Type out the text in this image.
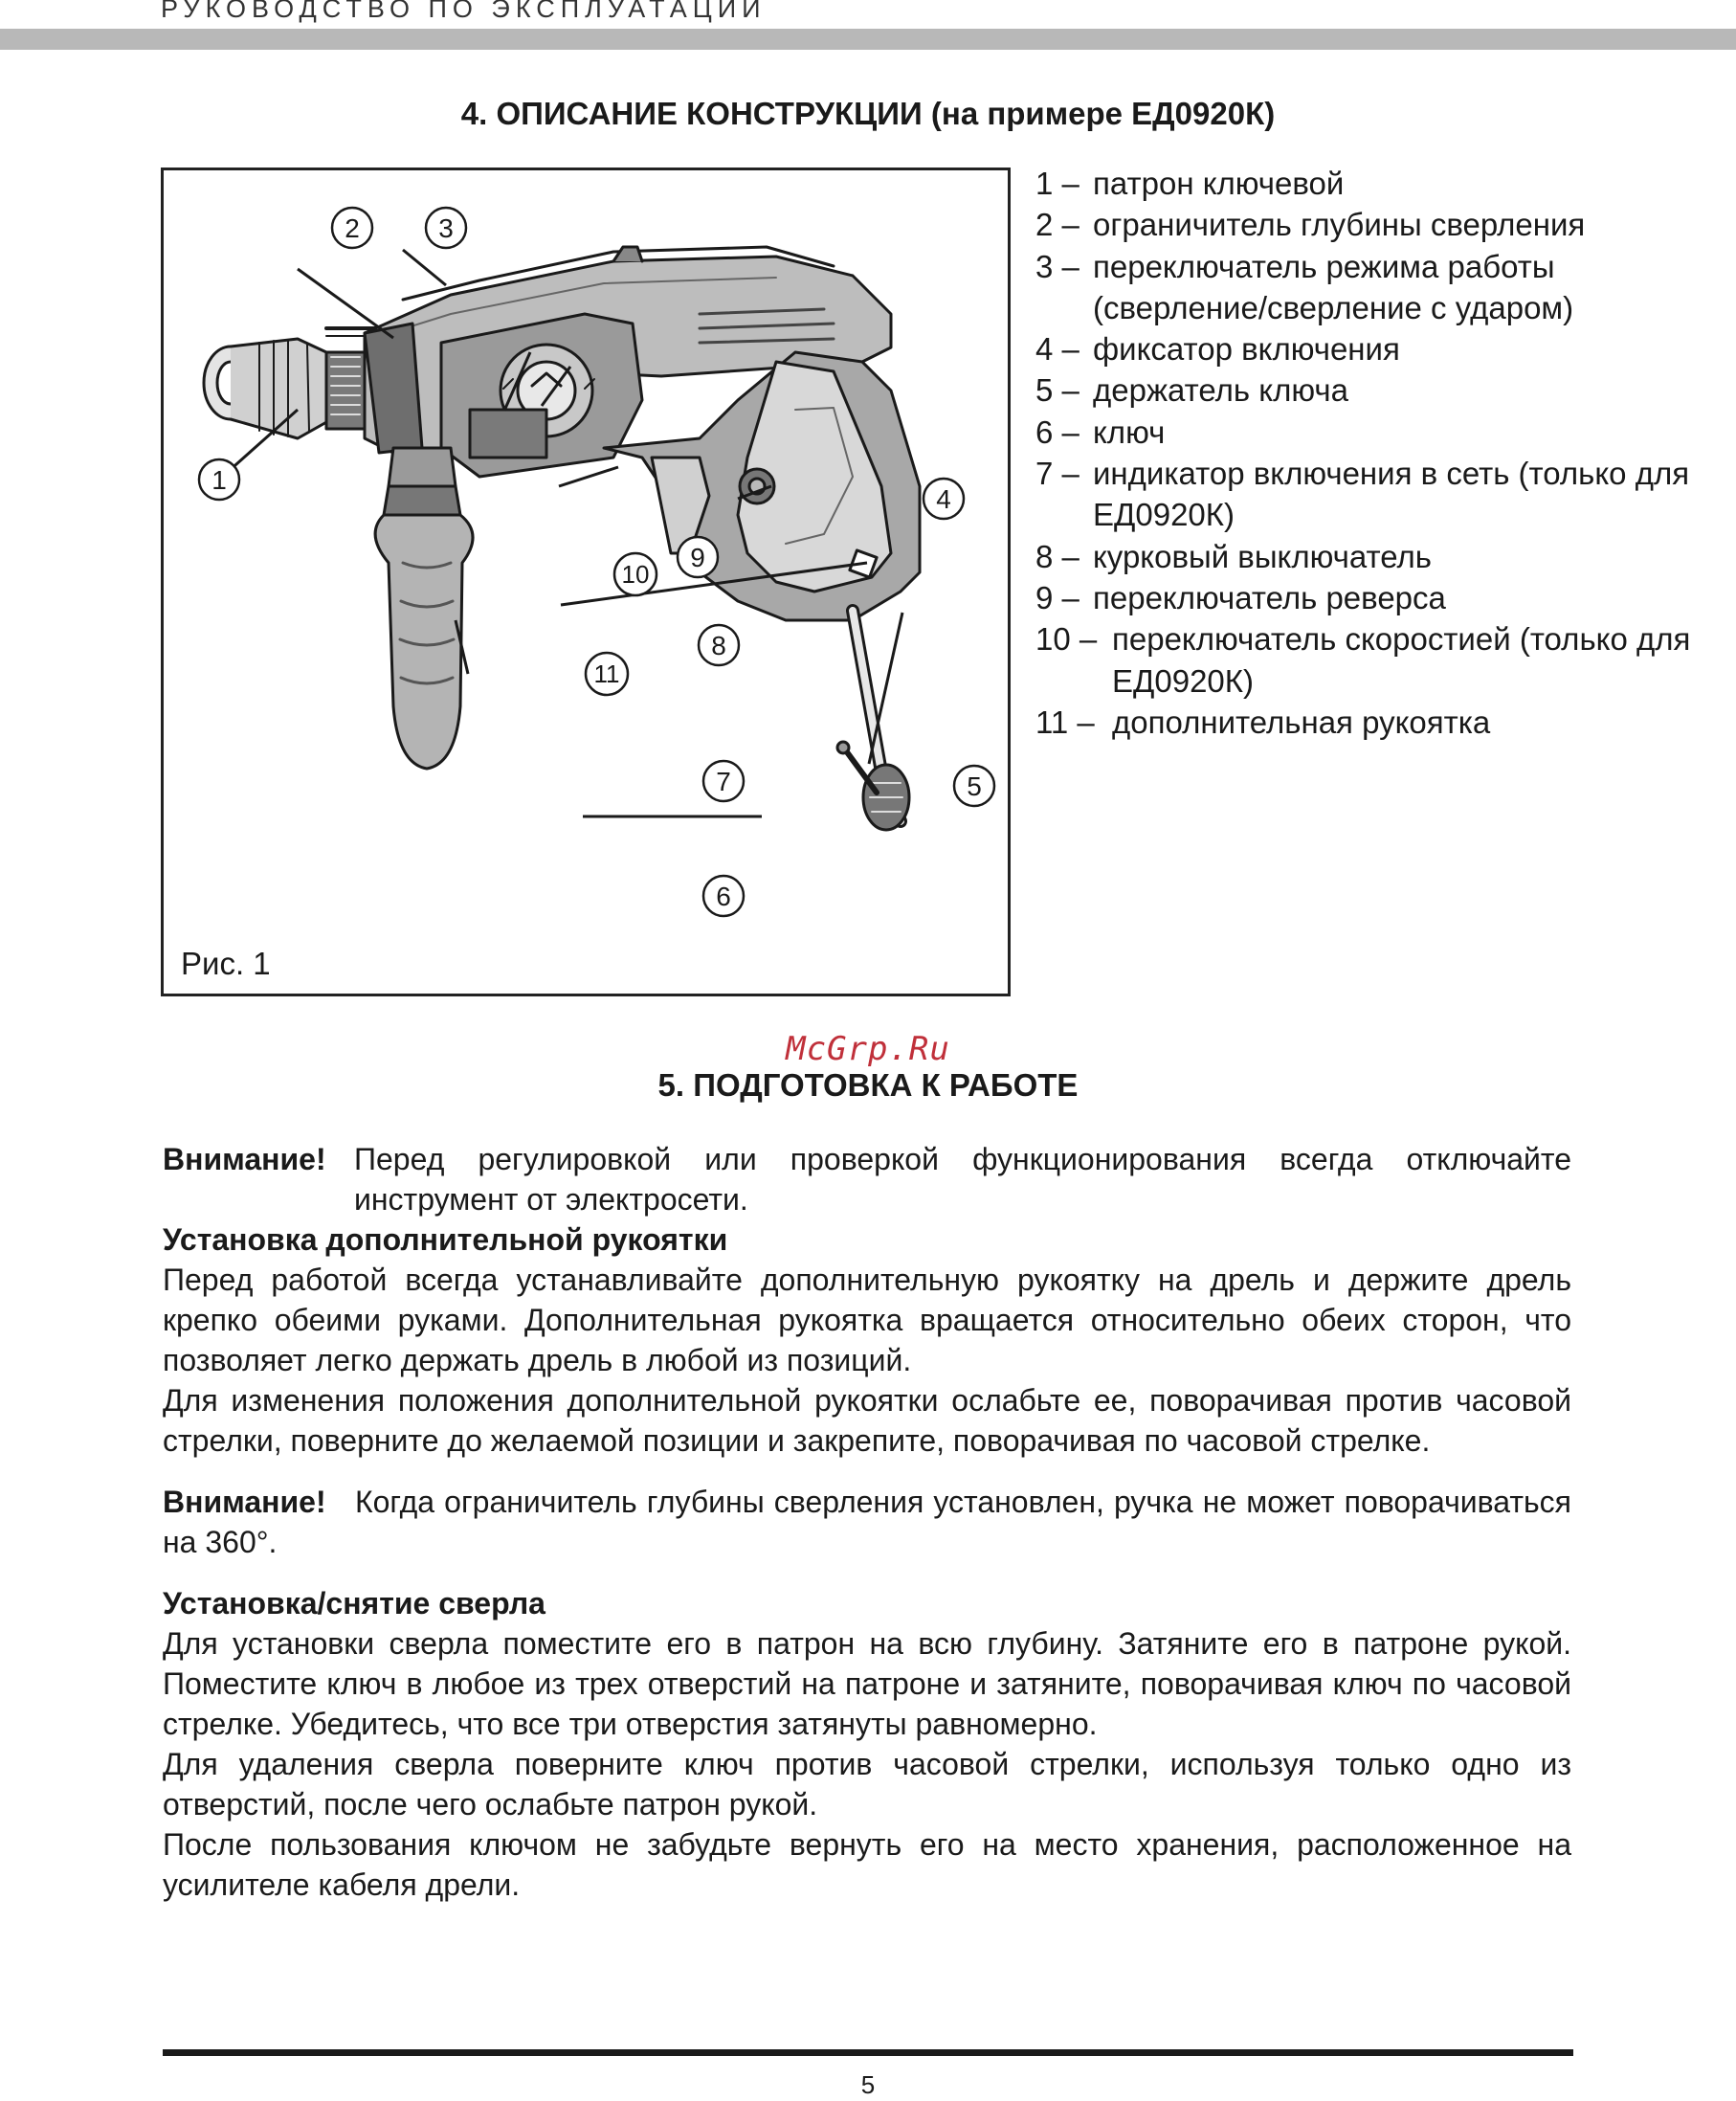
РУКОВОДСТВО ПО ЭКСПЛУАТАЦИИ
4. ОПИСАНИЕ КОНСТРУКЦИИ (на примере ЕД0920К)
1
2	3
4
5
6
7
8
9
10
11
Рис. 1
1 – патрон ключевой
2 – ограничитель глубины сверления
3 – переключатель режима работы (сверление/сверление с ударом)
4 – фиксатор включения
5 – держатель ключа
6 – ключ
7 – индикатор включения в сеть (только для ЕД0920К)
8 – курковый выключатель
9 – переключатель реверса
10 – переключатель скоростией (только для ЕД0920К)
11 – дополнительная рукоятка
McGrp.Ru
5. ПОДГОТОВКА К РАБОТЕ

Внимание! Перед регулировкой или проверкой функционирования всегда отключайте инструмент от электросети.

Установка дополнительной рукоятки

Перед работой всегда устанавливайте дополнительную рукоятку на дрель и держите дрель крепко обеими руками. Дополнительная рукоятка вращается относительно обеих сторон, что позволяет легко держать дрель в любой из позиций.

Для изменения положения дополнительной рукоятки ослабьте ее, поворачивая против часовой стрелки, поверните до желаемой позиции и закрепите, поворачивая по часовой стрелке.

Внимание! Когда ограничитель глубины сверления установлен, ручка не может поворачиваться на 360°.

Установка/снятие сверла

Для установки сверла поместите его в патрон на всю глубину. Затяните его в патроне рукой. Поместите ключ в любое из трех отверстий на патроне и затяните, поворачивая ключ по часовой стрелке. Убедитесь, что все три отверстия затянуты равномерно.

Для удаления сверла поверните ключ против часовой стрелки, используя только одно из отверстий, после чего ослабьте патрон рукой.

После пользования ключом не забудьте вернуть его на место хранения, расположенное на усилителе кабеля дрели.

5
